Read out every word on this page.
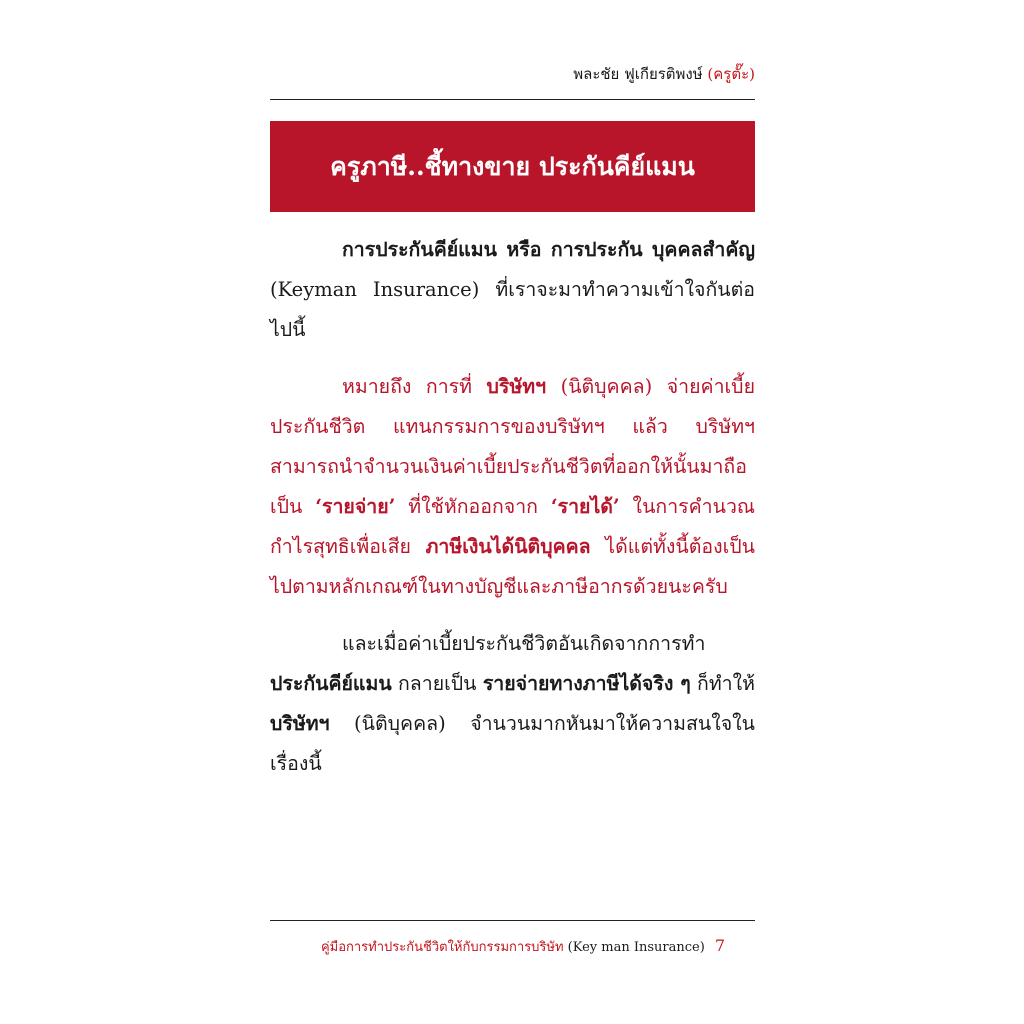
พละชัย ฟูเกียรติพงษ์ (ครูตั๊ะ)
ครูภาษี..ชี้ทางขาย ประกันคีย์แมน

การประกันคีย์แมน หรือ การประกัน บุคคลสำคัญ (Keyman Insurance) ที่เราจะมาทำความเข้าใจกันต่อไปนี้

หมายถึง การที่ บริษัทฯ (นิติบุคคล) จ่ายค่าเบี้ยประกันชีวิต แทนกรรมการของบริษัทฯ แล้ว บริษัทฯ สามารถนำจำนวนเงินค่าเบี้ยประกันชีวิตที่ออกให้นั้นมาถือเป็น ‘รายจ่าย’ ที่ใช้หักออกจาก ‘รายได้’ ในการคำนวณกำไรสุทธิเพื่อเสีย ภาษีเงินได้นิติบุคคล ได้แต่ทั้งนี้ต้องเป็นไปตามหลักเกณฑ์ในทางบัญชีและภาษีอากรด้วยนะครับ

และเมื่อค่าเบี้ยประกันชีวิตอันเกิดจากการทำ ประกันคีย์แมน กลายเป็น รายจ่ายทางภาษีได้จริง ๆ ก็ทำให้ บริษัทฯ (นิติบุคคล) จำนวนมากหันมาให้ความสนใจในเรื่องนี้

คู่มือการทำประกันชีวิตให้กับกรรมการบริษัท (Key man Insurance) 7
